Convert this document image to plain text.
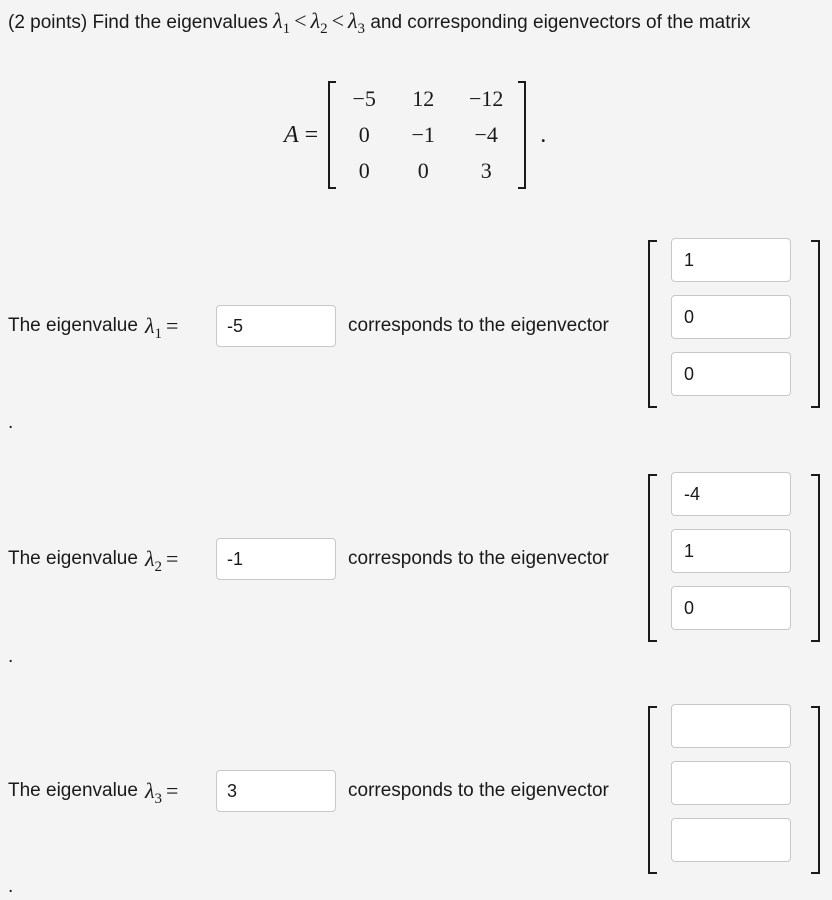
(2 points) Find the eigenvalues $\lambda_1 < \lambda_2 < \lambda_3$ and corresponding eigenvectors of the matrix
A =
−5	12	−12
0	−1	−4
0	0	3
.
The eigenvalue $\lambda_1$ =
-5	corresponds to the eigenvector
1
0
0
.
The eigenvalue $\lambda_2$ =
-1	corresponds to the eigenvector
-4
1
0
.
The eigenvalue $\lambda_3$ =
3	corresponds to the eigenvector
.
